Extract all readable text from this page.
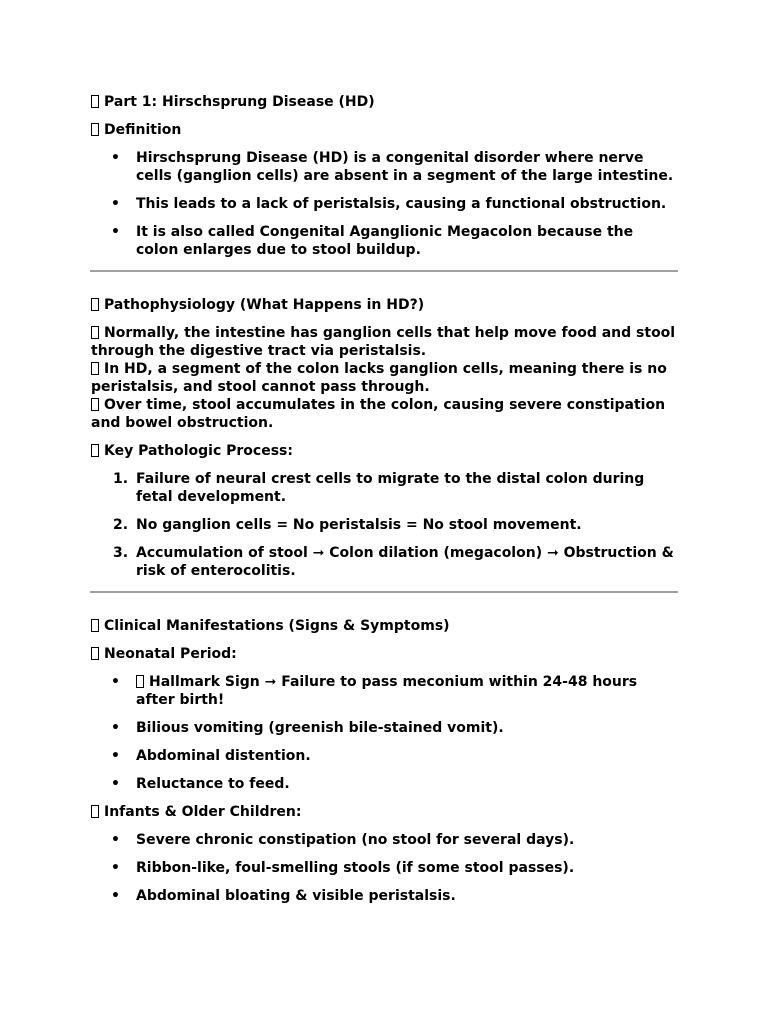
Part 1: Hirschsprung Disease (HD)
Definition
• Hirschsprung Disease (HD) is a congenital disorder where nerve cells (ganglion cells) are absent in a segment of the large intestine.
• This leads to a lack of peristalsis, causing a functional obstruction.
• It is also called Congenital Aganglionic Megacolon because the colon enlarges due to stool buildup.
Pathophysiology (What Happens in HD?)

Normally, the intestine has ganglion cells that help move food and stool through the digestive tract via peristalsis.

In HD, a segment of the colon lacks ganglion cells, meaning there is no peristalsis, and stool cannot pass through.

Over time, stool accumulates in the colon, causing severe constipation and bowel obstruction.

Key Pathologic Process:
1. Failure of neural crest cells to migrate to the distal colon during fetal development.
2. No ganglion cells = No peristalsis = No stool movement.
3. Accumulation of stool ➞ Colon dilation (megacolon) ➞ Obstruction & risk of enterocolitis.
Clinical Manifestations (Signs & Symptoms)
Neonatal Period:
• Hallmark Sign ➞ Failure to pass meconium within 24-48 hours after birth!
• Bilious vomiting (greenish bile-stained vomit).
• Abdominal distention.
• Reluctance to feed.
Infants & Older Children:
• Severe chronic constipation (no stool for several days).
• Ribbon-like, foul-smelling stools (if some stool passes).
• Abdominal bloating & visible peristalsis.
